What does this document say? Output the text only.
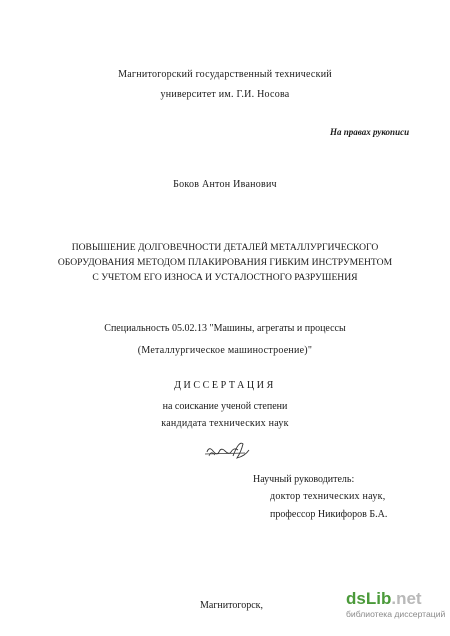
Магнитогорский государственный технический
университет им. Г.И. Носова
На правах рукописи
Боков Антон Иванович
ПОВЫШЕНИЕ ДОЛГОВЕЧНОСТИ ДЕТАЛЕЙ МЕТАЛЛУРГИЧЕСКОГО
ОБОРУДОВАНИЯ МЕТОДОМ ПЛАКИРОВАНИЯ ГИБКИМ ИНСТРУМЕНТОМ
С УЧЕТОМ ЕГО ИЗНОСА И УСТАЛОСТНОГО РАЗРУШЕНИЯ
Специальность 05.02.13 "Машины, агрегаты и процессы
(Металлургическое машиностроение)"
ДИССЕРТАЦИЯ
на соискание ученой степени
кандидата технических наук
Научный руководитель:
доктор технических наук,
профессор Никифоров Б.А.
Магнитогорск,	dsLib.net
библиотека диссертаций
